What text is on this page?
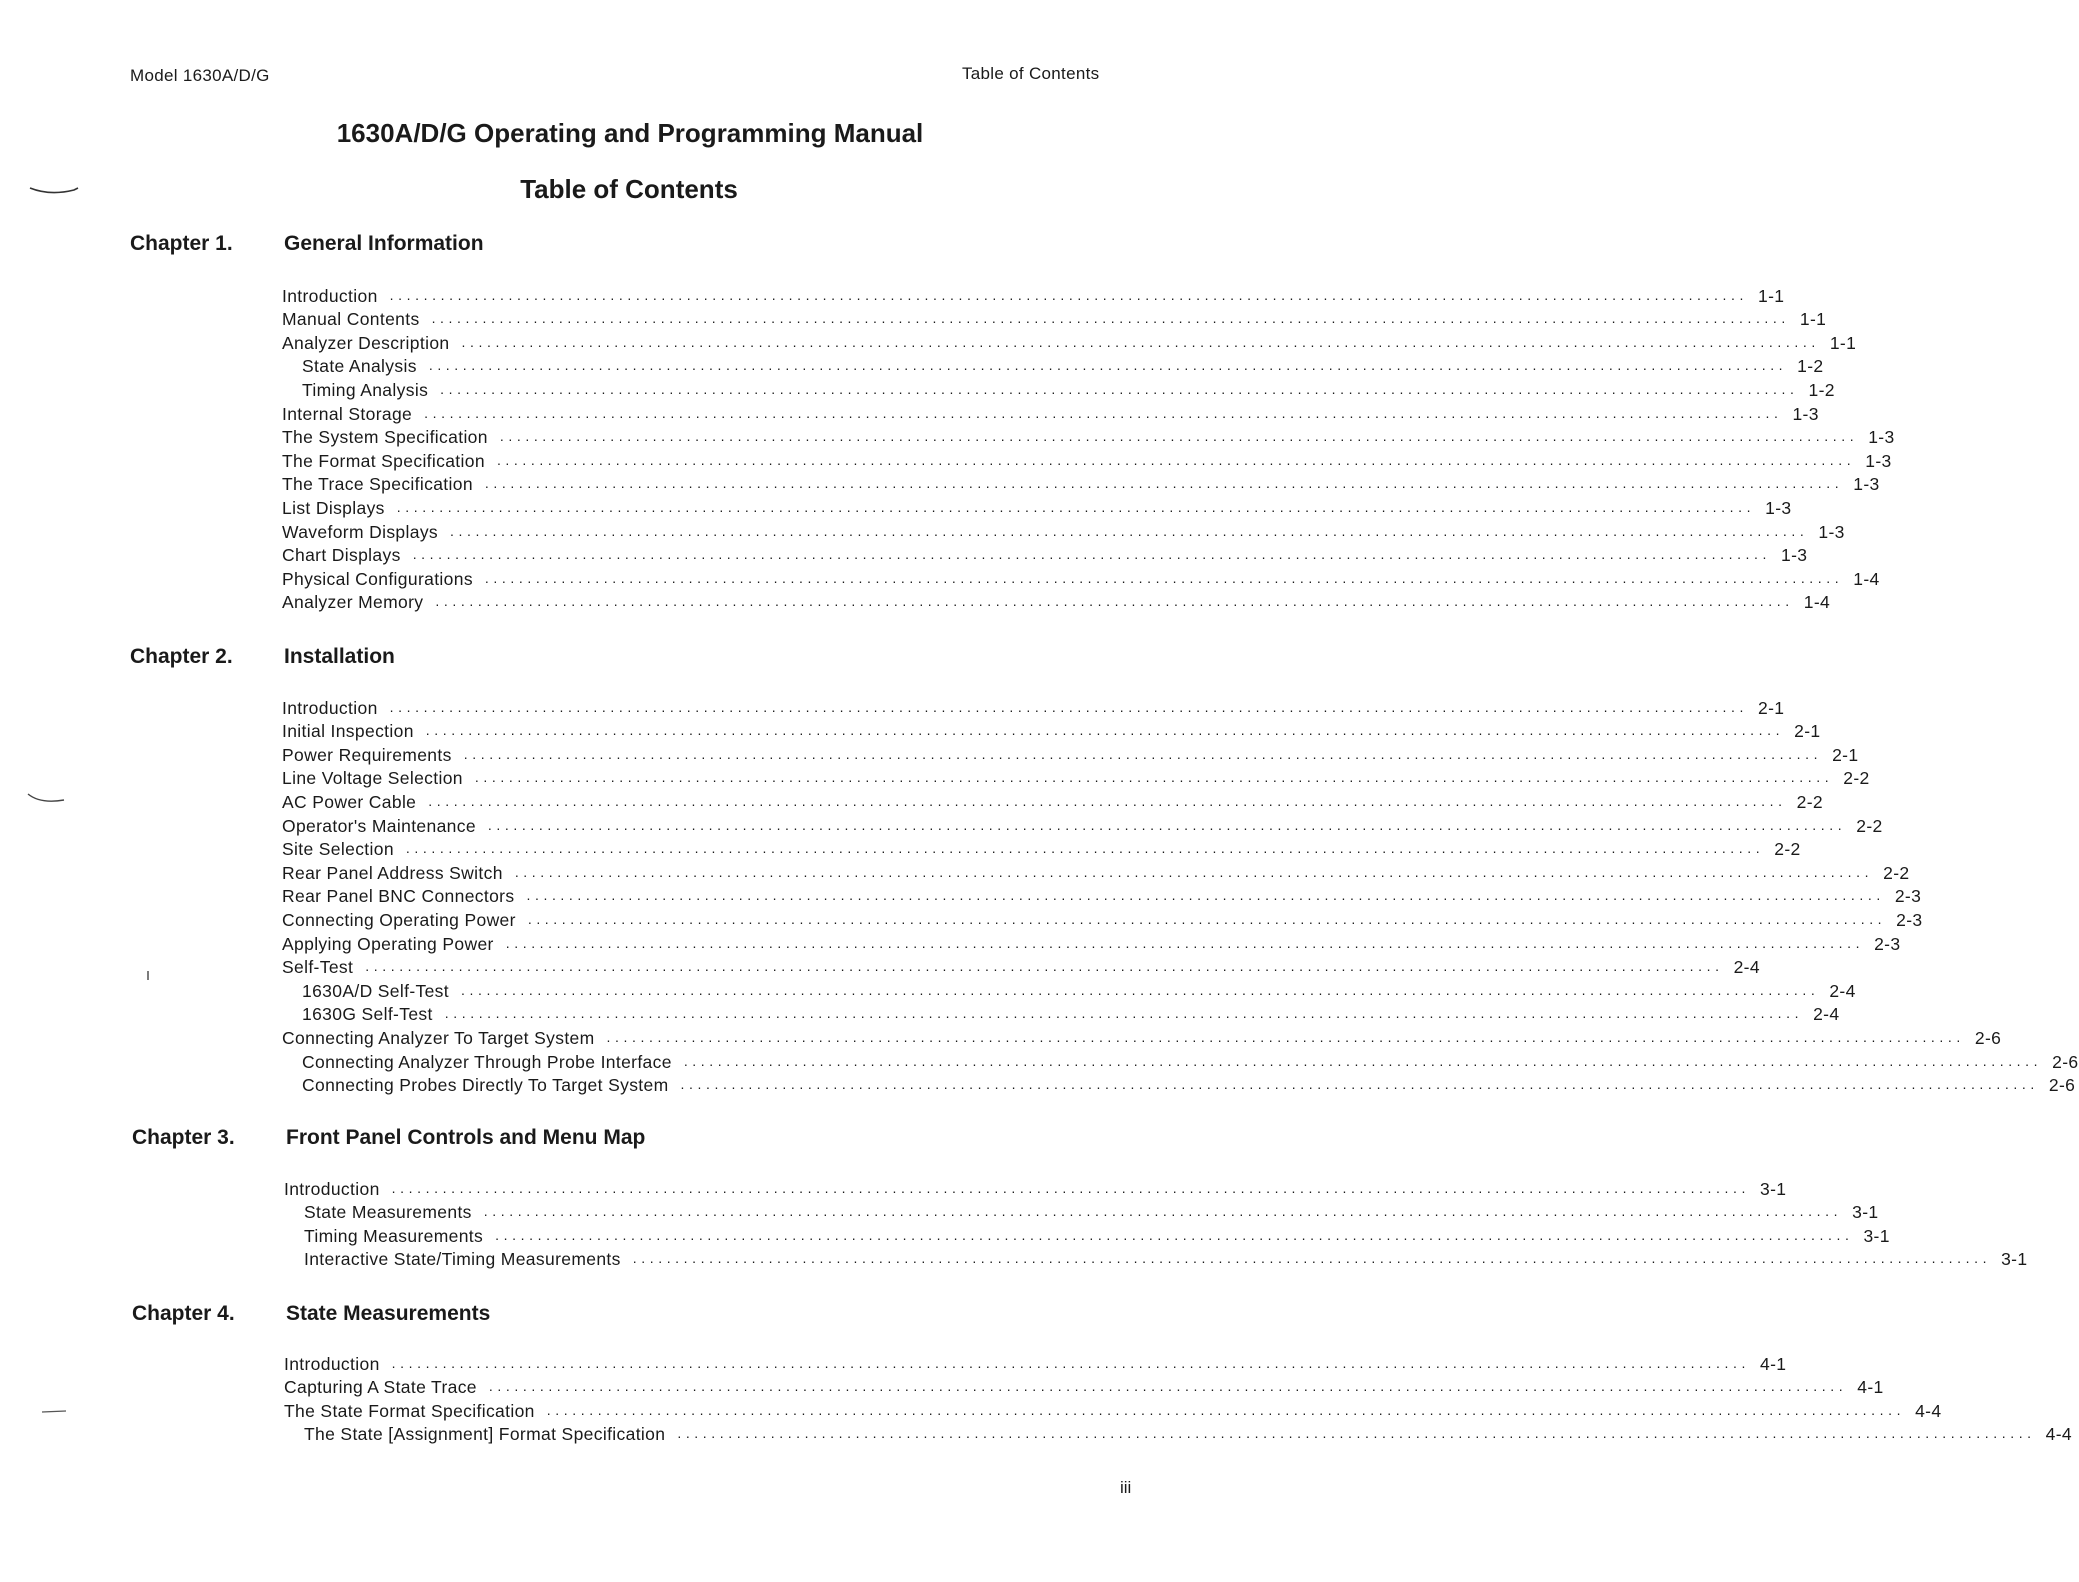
Model 1630A/D/G	Table of Contents
1630A/D/G Operating and Programming Manual
Table of Contents
Chapter 1. General Information
Introduction ................................................................................................................................................................ 1-1
Manual Contents ................................................................................................................................................................ 1-1
Analyzer Description ................................................................................................................................................................ 1-1
State Analysis ................................................................................................................................................................ 1-2
Timing Analysis ................................................................................................................................................................ 1-2
Internal Storage ................................................................................................................................................................ 1-3
The System Specification ................................................................................................................................................................ 1-3
The Format Specification ................................................................................................................................................................ 1-3
The Trace Specification ................................................................................................................................................................ 1-3
List Displays ................................................................................................................................................................ 1-3
Waveform Displays ................................................................................................................................................................ 1-3
Chart Displays ................................................................................................................................................................ 1-3
Physical Configurations ................................................................................................................................................................ 1-4
Analyzer Memory ................................................................................................................................................................ 1-4
Chapter 2. Installation
Introduction ................................................................................................................................................................ 2-1
Initial Inspection ................................................................................................................................................................ 2-1
Power Requirements ................................................................................................................................................................ 2-1
Line Voltage Selection ................................................................................................................................................................ 2-2
AC Power Cable ................................................................................................................................................................ 2-2
Operator's Maintenance ................................................................................................................................................................ 2-2
Site Selection ................................................................................................................................................................ 2-2
Rear Panel Address Switch ................................................................................................................................................................ 2-2
Rear Panel BNC Connectors ................................................................................................................................................................ 2-3
Connecting Operating Power ................................................................................................................................................................ 2-3
Applying Operating Power ................................................................................................................................................................ 2-3
Self-Test ................................................................................................................................................................ 2-4
1630A/D Self-Test ................................................................................................................................................................ 2-4
1630G Self-Test ................................................................................................................................................................ 2-4
Connecting Analyzer To Target System ................................................................................................................................................................ 2-6
Connecting Analyzer Through Probe Interface ................................................................................................................................................................ 2-6
Connecting Probes Directly To Target System ................................................................................................................................................................ 2-6
Chapter 3. Front Panel Controls and Menu Map
Introduction ................................................................................................................................................................ 3-1
State Measurements ................................................................................................................................................................ 3-1
Timing Measurements ................................................................................................................................................................ 3-1
Interactive State/Timing Measurements ................................................................................................................................................................ 3-1
Chapter 4. State Measurements
Introduction ................................................................................................................................................................ 4-1
Capturing A State Trace ................................................................................................................................................................ 4-1
The State Format Specification ................................................................................................................................................................ 4-4
The State [Assignment] Format Specification ................................................................................................................................................................ 4-4
iii
